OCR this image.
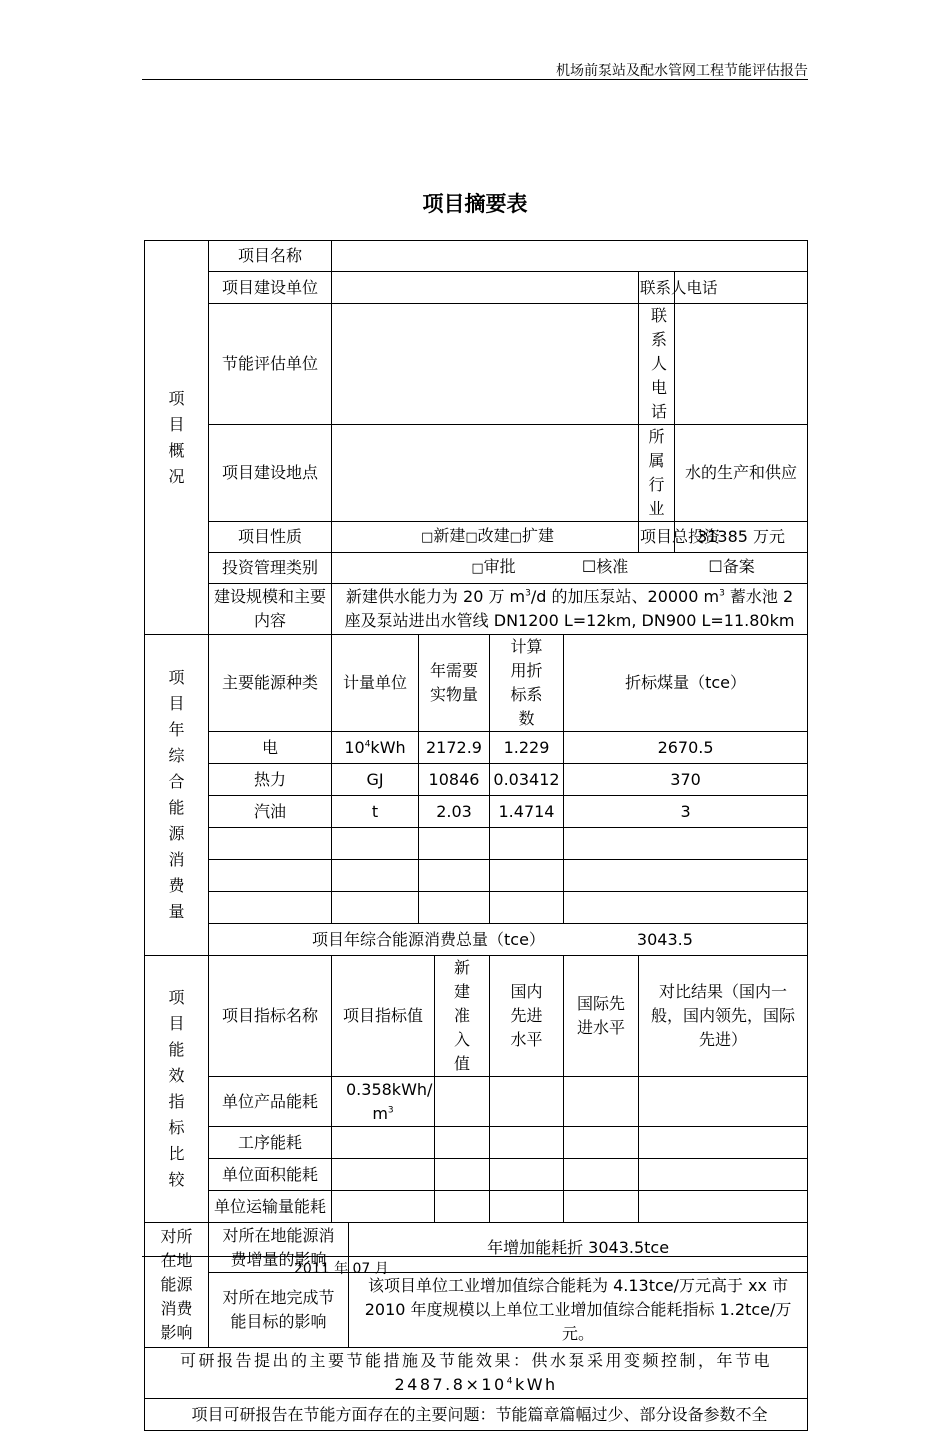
机场前泵站及配水管网工程节能评估报告
项目摘要表
项目概况	项目名称								
	项目建设单位							联系人电话	
	节能评估单位							联系人电话	
	项目建设地点							所属行业	水的生产和供应
	项目性质	□新建□改建□扩建						项目总投资	31385 万元
	投资管理类别	□审批 ☐核准 ☐备案							
	建设规模和主要内容	新建供水能力为 20 万 $m^3/d$ 的加压泵站、20000 $m^3$ 蓄水池 2 座及泵站进出水管线 DN1200 L=12km, DN900 L=11.80km							
项目年综合能源消费量	主要能源种类	计量单位		年需要实物量		计算用折标系数	折标煤量（tce）		
	电	$10^4kWh$		2172.9		1.229	2670.5		
	热力	GJ		10846		0.03412	370		
	汽油	t		2.03		1.4714	3		

	项目年综合能源消费总量（tce） 3043.5								
项目能效指标比较	项目指标名称	项目指标值			新建准入值	国内先进水平	国际先进水平	对比结果（国内一般，国内领先，国际先进）	
	单位产品能耗	0.358kWh/
$m^3$				
	工序能耗								
	单位面积能耗								
	单位运输量能耗								
对所在地能源消费影响	对所在地能源消费增量的影响		年增加能耗折 3043.5tce						
	对所在地完成节能目标的影响		该项目单位工业增加值综合能耗为 4.13tce/万元高于 xx 市 2010 年度规模以上单位工业增加值综合能耗指标 1.2tce/万元。						
可研报告提出的主要节能措施及节能效果：供水泵采用变频控制，年节电 $2487.8\times 10^4kWh$									
项目可研报告在节能方面存在的主要问题：节能篇章篇幅过少、部分设备参数不全									
2011 年 07 月
